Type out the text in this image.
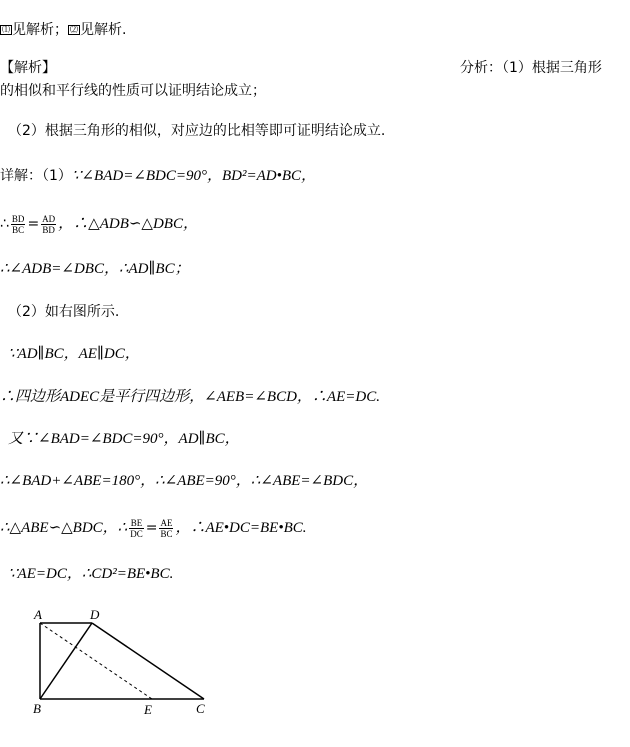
⑴ 见解析； ⑵ 见解析.
【解析】	分析：（1）根据三角形
的相似和平行线的性质可以证明结论成立；
（2）根据三角形的相似，对应边的比相等即可证明结论成立.
详解：（1）∵∠BAD=∠BDC=90°，BD²=AD•BC，
∴ $\frac{BD}{BC} = \frac{AD}{BD}$ ，∴△ADB∽△DBC，
∴∠ADB=∠DBC，∴AD∥BC；
（2）如右图所示.
∵AD∥BC，AE∥DC，
∴四边形ADEC是平行四边形，∠AEB=∠BCD，∴AE=DC.
又∵∠BAD=∠BDC=90°，AD∥BC，
∴∠BAD+∠ABE=180°，∴∠ABE=90°，∴∠ABE=∠BDC，
∴△ABE∽△BDC，∴ $\frac{BE}{DC} = \frac{AE}{BC}$ ，∴AE•DC=BE•BC.
∵AE=DC，∴CD²=BE•BC.
A	D
B	E	C
